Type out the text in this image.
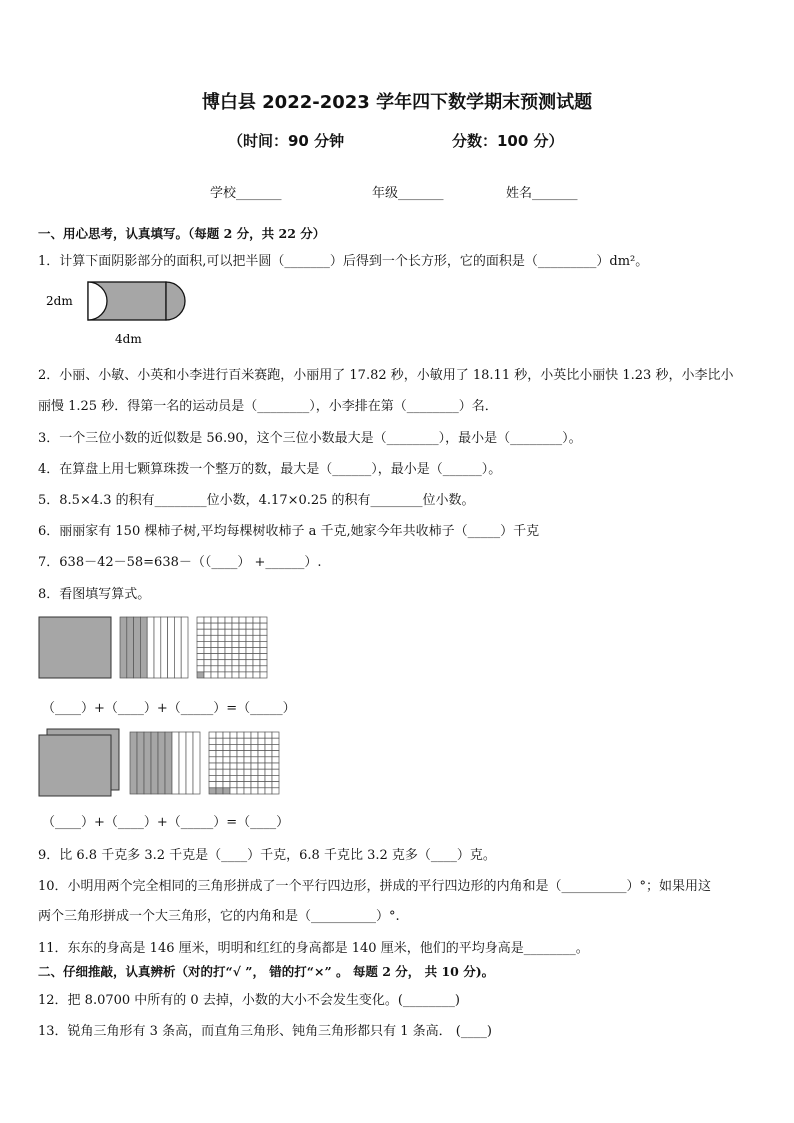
博白县 2022-2023 学年四下数学期末预测试题
（时间：90 分钟	分数：100 分）
学校_______	年级_______	姓名_______
一、用心思考，认真填写。（每题 2 分，共 22 分）
1．计算下面阴影部分的面积,可以把半圆（_______）后得到一个长方形，它的面积是（_________）dm²。
2dm
4dm
2．小丽、小敏、小英和小李进行百米赛跑，小丽用了 17.82 秒，小敏用了 18.11 秒，小英比小丽快 1.23 秒，小李比小
丽慢 1.25 秒．得第一名的运动员是（________），小李排在第（________）名．
3．一个三位小数的近似数是 56.90，这个三位小数最大是（________），最小是（________）。
4．在算盘上用七颗算珠拨一个整万的数，最大是（______），最小是（______）。
5．8.5×4.3 的积有________位小数，4.17×0.25 的积有________位小数。
6．丽丽家有 150 棵柿子树,平均每棵树收柿子 a 千克,她家今年共收柿子（_____）千克
7．638－42－58=638－（（____） +______）.
8．看图填写算式。
（____）+（____）+（_____）=（_____）
（____）+（____）+（_____）=（____）
9．比 6.8 千克多 3.2 千克是（____）千克，6.8 千克比 3.2 克多（____）克。
10．小明用两个完全相同的三角形拼成了一个平行四边形，拼成的平行四边形的内角和是（__________）°；如果用这
两个三角形拼成一个大三角形，它的内角和是（__________）°.
11．东东的身高是 146 厘米，明明和红红的身高都是 140 厘米，他们的平均身高是________。
二、仔细推敲，认真辨析（对的打“√ ”， 错的打“×” 。 每题 2 分， 共 10 分)。
12．把 8.0700 中所有的 0 去掉，小数的大小不会发生变化。(________)
13．锐角三角形有 3 条高，而直角三角形、钝角三角形都只有 1 条高． (____)
